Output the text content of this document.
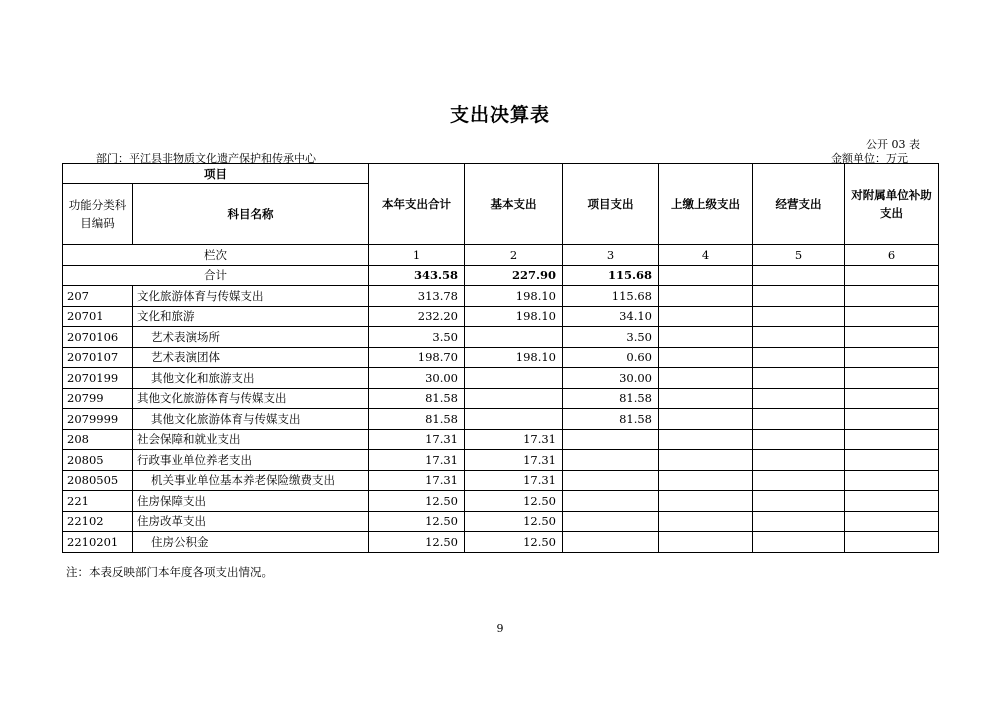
支出决算表
公开 03 表
部门：平江县非物质文化遗产保护和传承中心	金额单位：万元
项目		本年支出合计	基本支出	项目支出	上缴上级支出	经营支出	对附属单位补助支出
功能分类科目编码	科目名称						
栏次		1	2	3	4	5	6
合计		343.58	227.90	115.68			
207	文化旅游体育与传媒支出	313.78	198.10	115.68			
20701	文化和旅游	232.20	198.10	34.10			
2070106	艺术表演场所	3.50		3.50			
2070107	艺术表演团体	198.70	198.10	0.60			
2070199	其他文化和旅游支出	30.00		30.00			
20799	其他文化旅游体育与传媒支出	81.58		81.58			
2079999	其他文化旅游体育与传媒支出	81.58		81.58			
208	社会保障和就业支出	17.31	17.31				
20805	行政事业单位养老支出	17.31	17.31				
2080505	机关事业单位基本养老保险缴费支出	17.31	17.31				
221	住房保障支出	12.50	12.50				
22102	住房改革支出	12.50	12.50				
2210201	住房公积金	12.50	12.50				
注：本表反映部门本年度各项支出情况。
9
